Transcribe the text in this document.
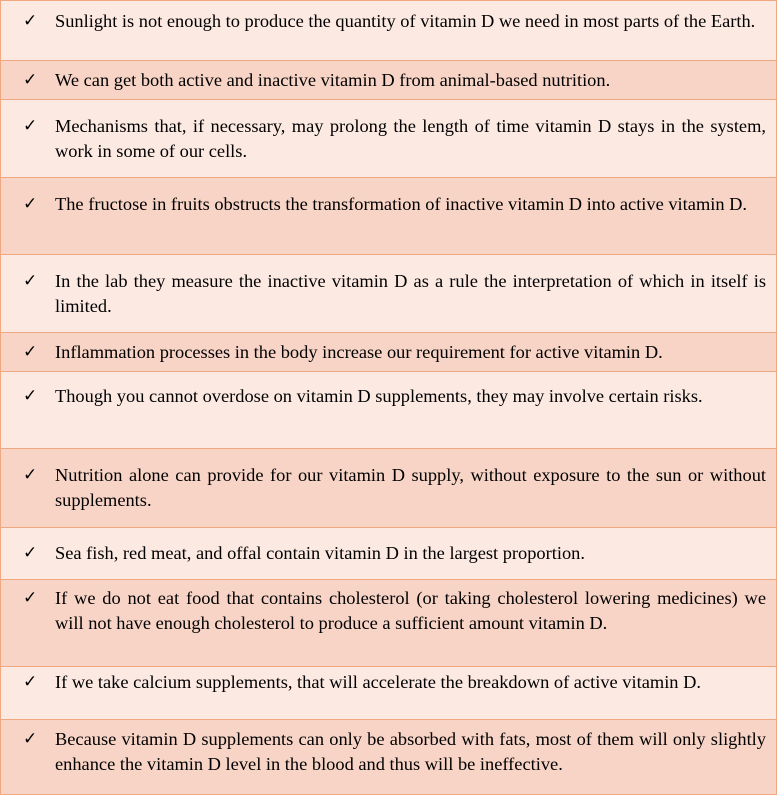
✓ Sunlight is not enough to produce the quantity of vitamin D we need in most parts of the Earth.
✓ We can get both active and inactive vitamin D from animal-based nutrition.
✓ Mechanisms that, if necessary, may prolong the length of time vitamin D stays in the system, work in some of our cells.
✓ The fructose in fruits obstructs the transformation of inactive vitamin D into active vitamin D.
✓ In the lab they measure the inactive vitamin D as a rule the interpretation of which in itself is limited.
✓ Inflammation processes in the body increase our requirement for active vitamin D.
✓ Though you cannot overdose on vitamin D supplements, they may involve certain risks.
✓ Nutrition alone can provide for our vitamin D supply, without exposure to the sun or without supplements.
✓ Sea fish, red meat, and offal contain vitamin D in the largest proportion.
✓ If we do not eat food that contains cholesterol (or taking cholesterol lowering medicines) we will not have enough cholesterol to produce a sufficient amount vitamin D.
✓ If we take calcium supplements, that will accelerate the breakdown of active vitamin D.
✓ Because vitamin D supplements can only be absorbed with fats, most of them will only slightly enhance the vitamin D level in the blood and thus will be ineffective.
